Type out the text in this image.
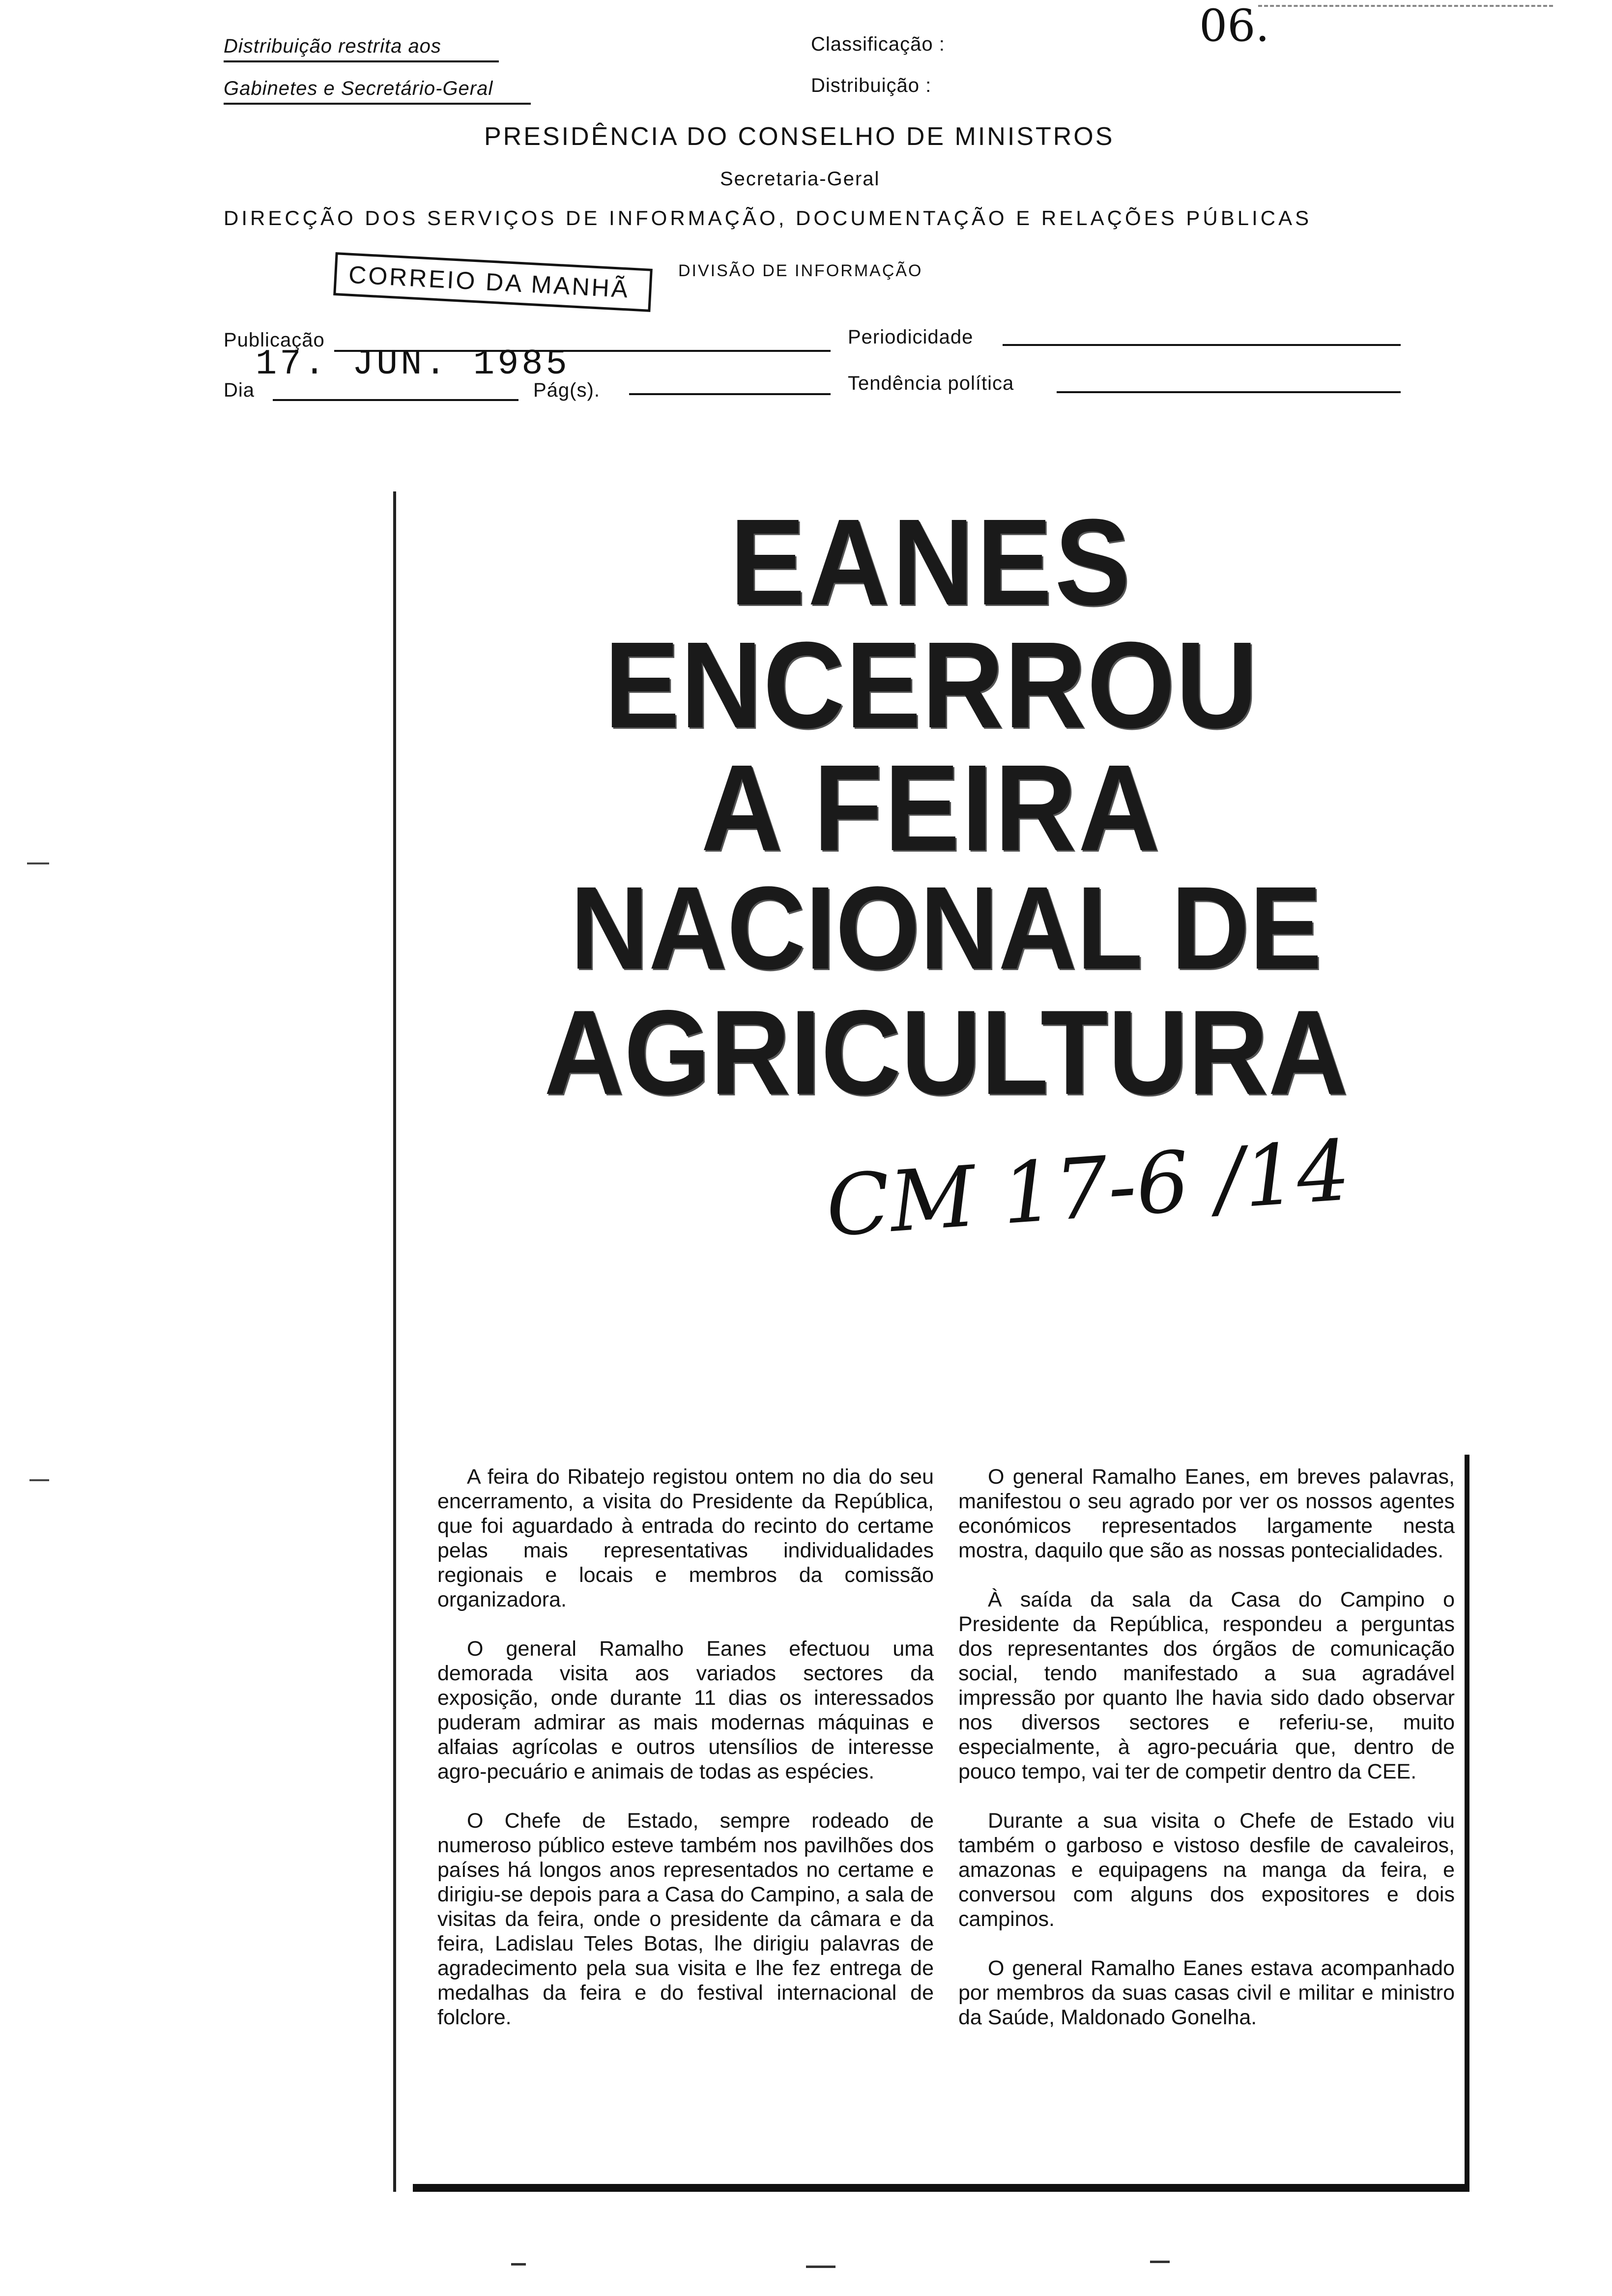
Distribuição restrita aos
Gabinetes e Secretário-Geral
Classificação :
Distribuição :
06.
PRESIDÊNCIA DO CONSELHO DE MINISTROS
Secretaria-Geral
DIRECÇÃO DOS SERVIÇOS DE INFORMAÇÃO, DOCUMENTAÇÃO E RELAÇÕES PÚBLICAS
DIVISÃO DE INFORMAÇÃO
CORREIO DA MANHÃ
Publicação	Periodicidade
17. JUN. 1985
Dia	Pág(s).	Tendência política
EANES
ENCERROU
A FEIRA
NACIONAL DE
AGRICULTURA
CM 17-6 /14

A feira do Ribatejo registou ontem no dia do seu encerramento, a visita do Presidente da República, que foi aguardado à entrada do recinto do certame pelas mais representativas individualidades regionais e locais e membros da comissão organizadora.

O general Ramalho Eanes efectuou uma demorada visita aos variados sectores da exposição, onde durante 11 dias os interessados puderam admirar as mais modernas máquinas e alfaias agrícolas e outros utensílios de interesse agro-pecuário e animais de todas as espécies.

O Chefe de Estado, sempre rodeado de numeroso público esteve também nos pavilhões dos países há longos anos representados no certame e dirigiu-se depois para a Casa do Campino, a sala de visitas da feira, onde o presidente da câmara e da feira, Ladislau Teles Botas, lhe dirigiu palavras de agradecimento pela sua visita e lhe fez entrega de medalhas da feira e do festival internacional de folclore.

O general Ramalho Eanes, em breves palavras, manifestou o seu agrado por ver os nossos agentes económicos representados largamente nesta mostra, daquilo que são as nossas pontecialidades.

À saída da sala da Casa do Campino o Presidente da República, respondeu a perguntas dos representantes dos órgãos de comunicação social, tendo manifestado a sua agradável impressão por quanto lhe havia sido dado observar nos diversos sectores e referiu-se, muito especialmente, à agro-pecuária que, dentro de pouco tempo, vai ter de competir dentro da CEE.

Durante a sua visita o Chefe de Estado viu também o garboso e vistoso desfile de cavaleiros, amazonas e equipagens na manga da feira, e conversou com alguns dos expositores e dois campinos.

O general Ramalho Eanes estava acompanhado por membros da suas casas civil e militar e ministro da Saúde, Maldonado Gonelha.
